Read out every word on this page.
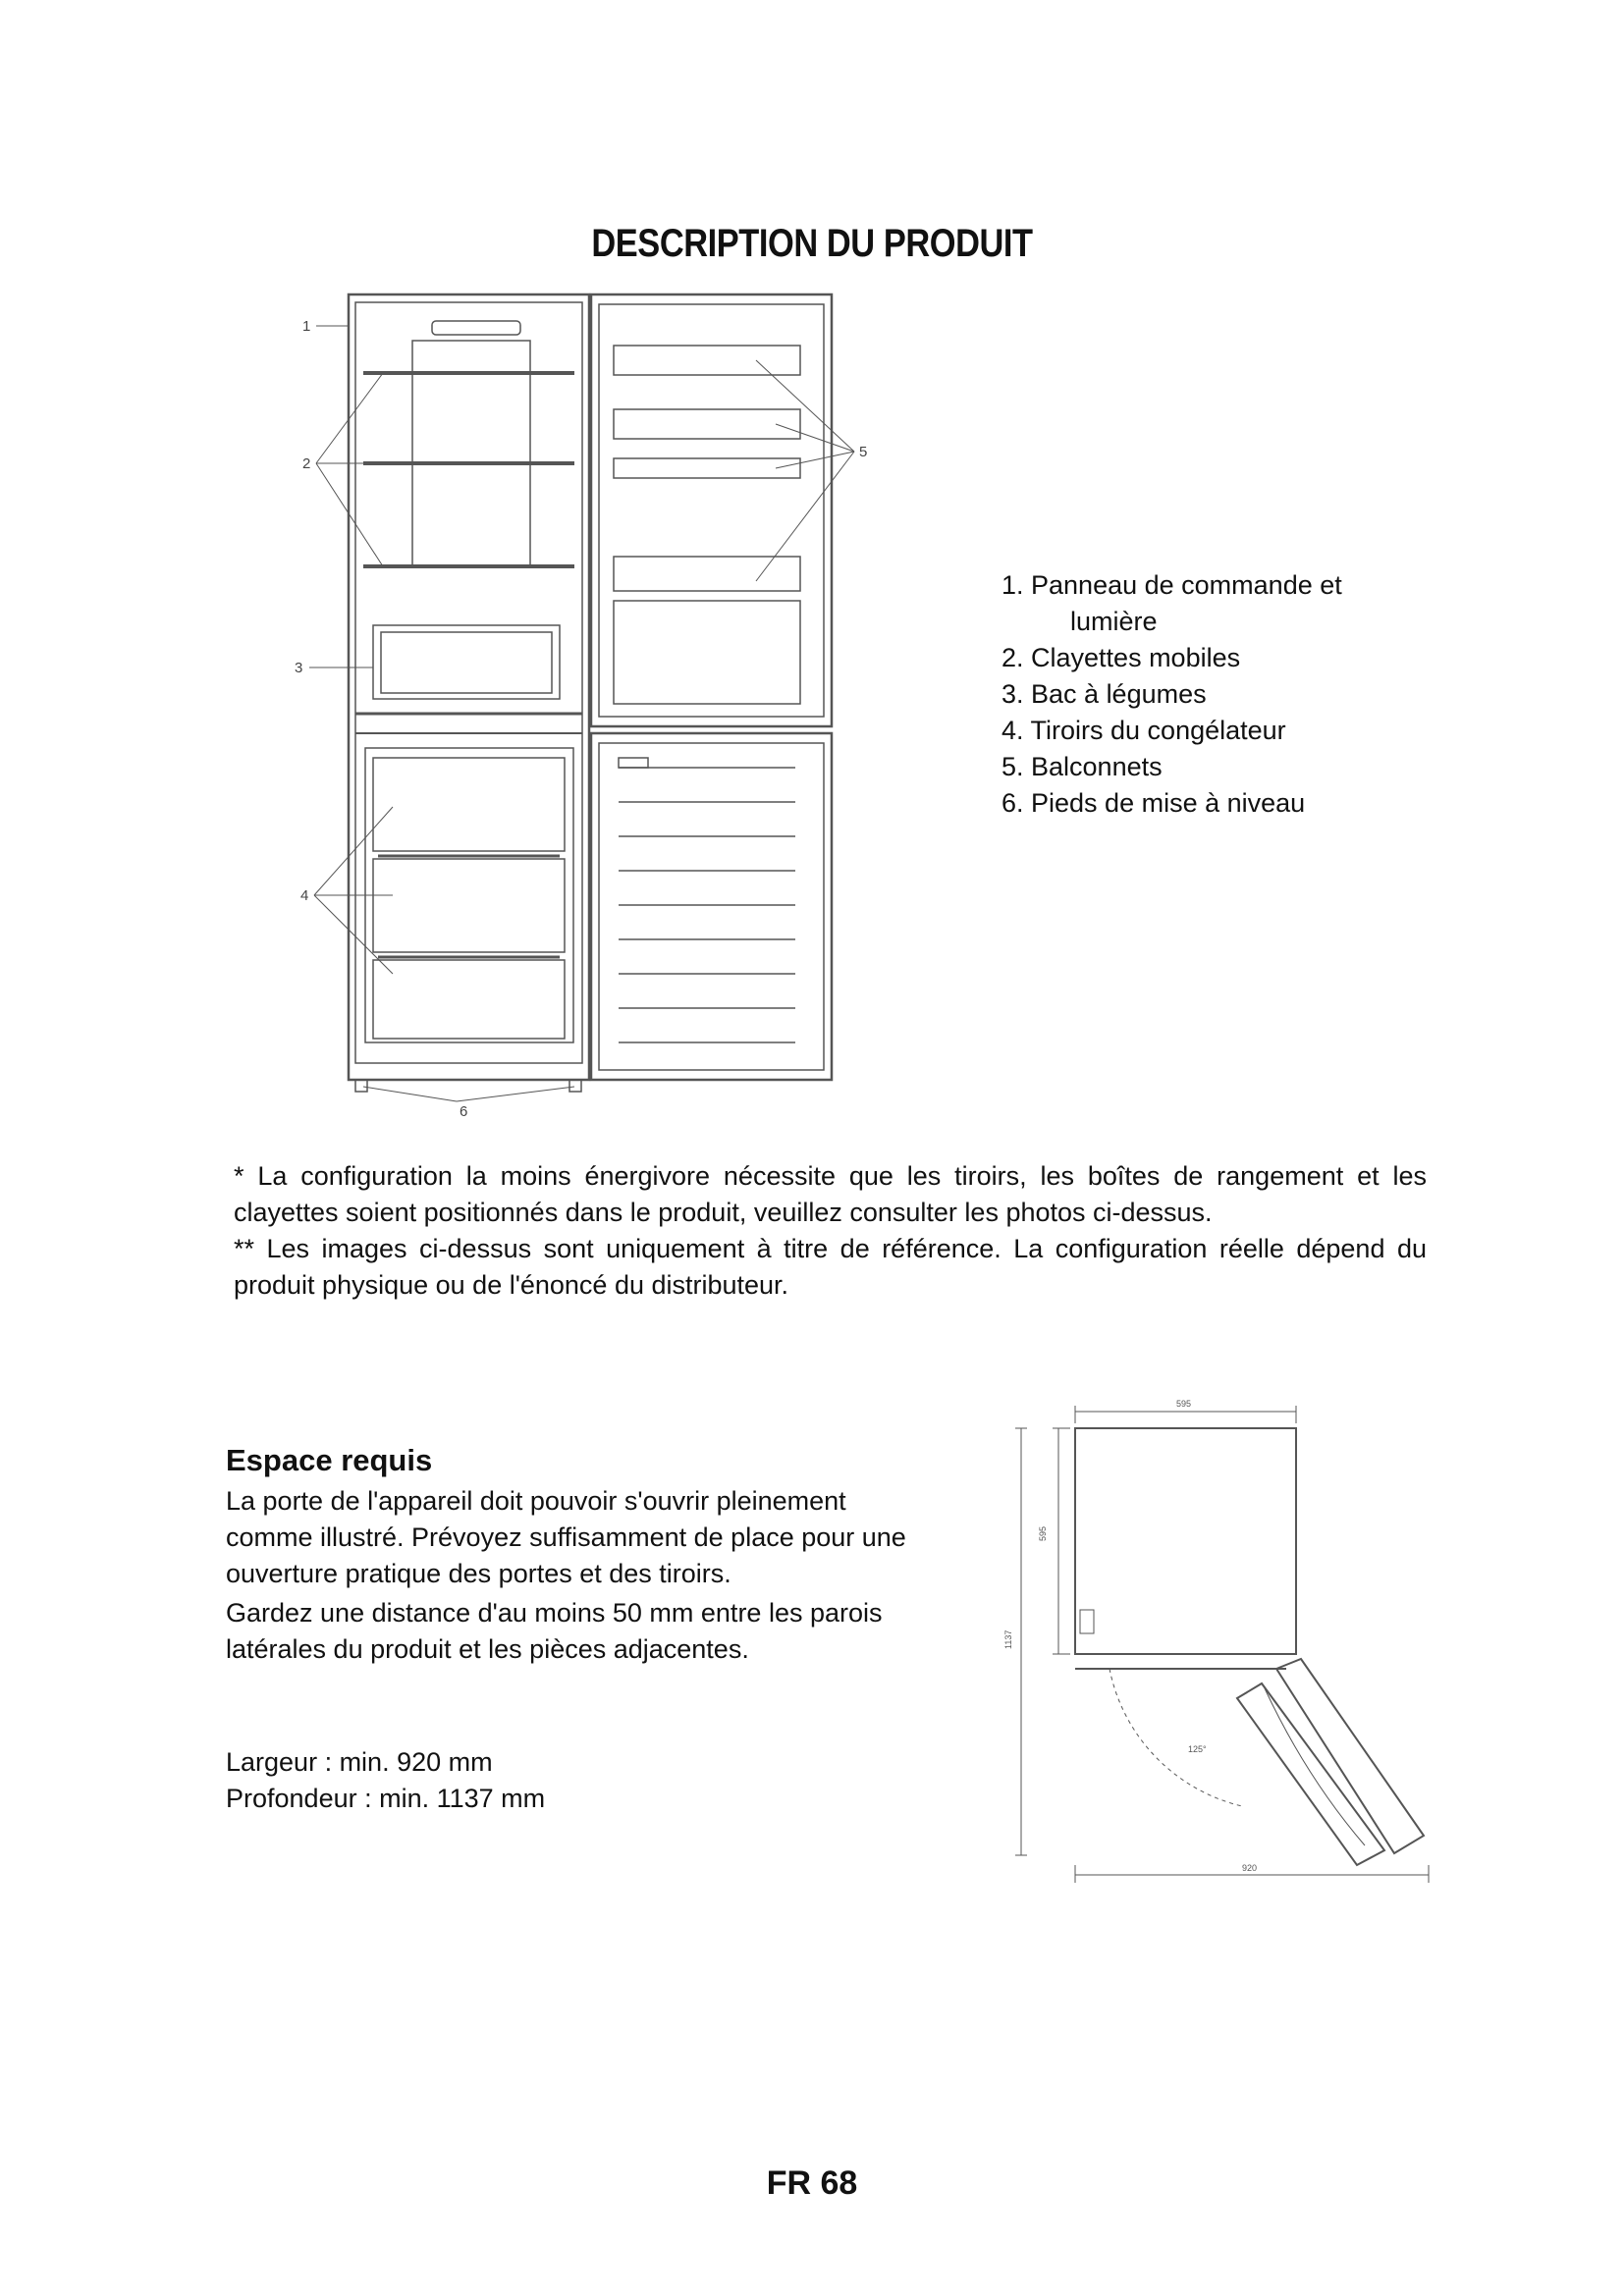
DESCRIPTION DU PRODUIT
1
2
3
4
5
6
1. Panneau de commande et
lumière
2. Clayettes mobiles
3. Bac à légumes
4. Tiroirs du congélateur
5. Balconnets
6. Pieds de mise à niveau

* La configuration la moins énergivore nécessite que les tiroirs, les boîtes de rangement et les clayettes soient positionnés dans le produit, veuillez consulter les photos ci-dessus.

** Les images ci-dessus sont uniquement à titre de référence. La configuration réelle dépend du produit physique ou de l'énoncé du distributeur.

Espace requis

La porte de l'appareil doit pouvoir s'ouvrir pleinement comme illustré. Prévoyez suffisamment de place pour une ouverture pratique des portes et des tiroirs.

Gardez une distance d'au moins 50 mm entre les parois latérales du produit et les pièces adjacentes.

Largeur : min. 920 mm
Profondeur : min. 1137 mm
595
595
1137
125°
920
FR 68
